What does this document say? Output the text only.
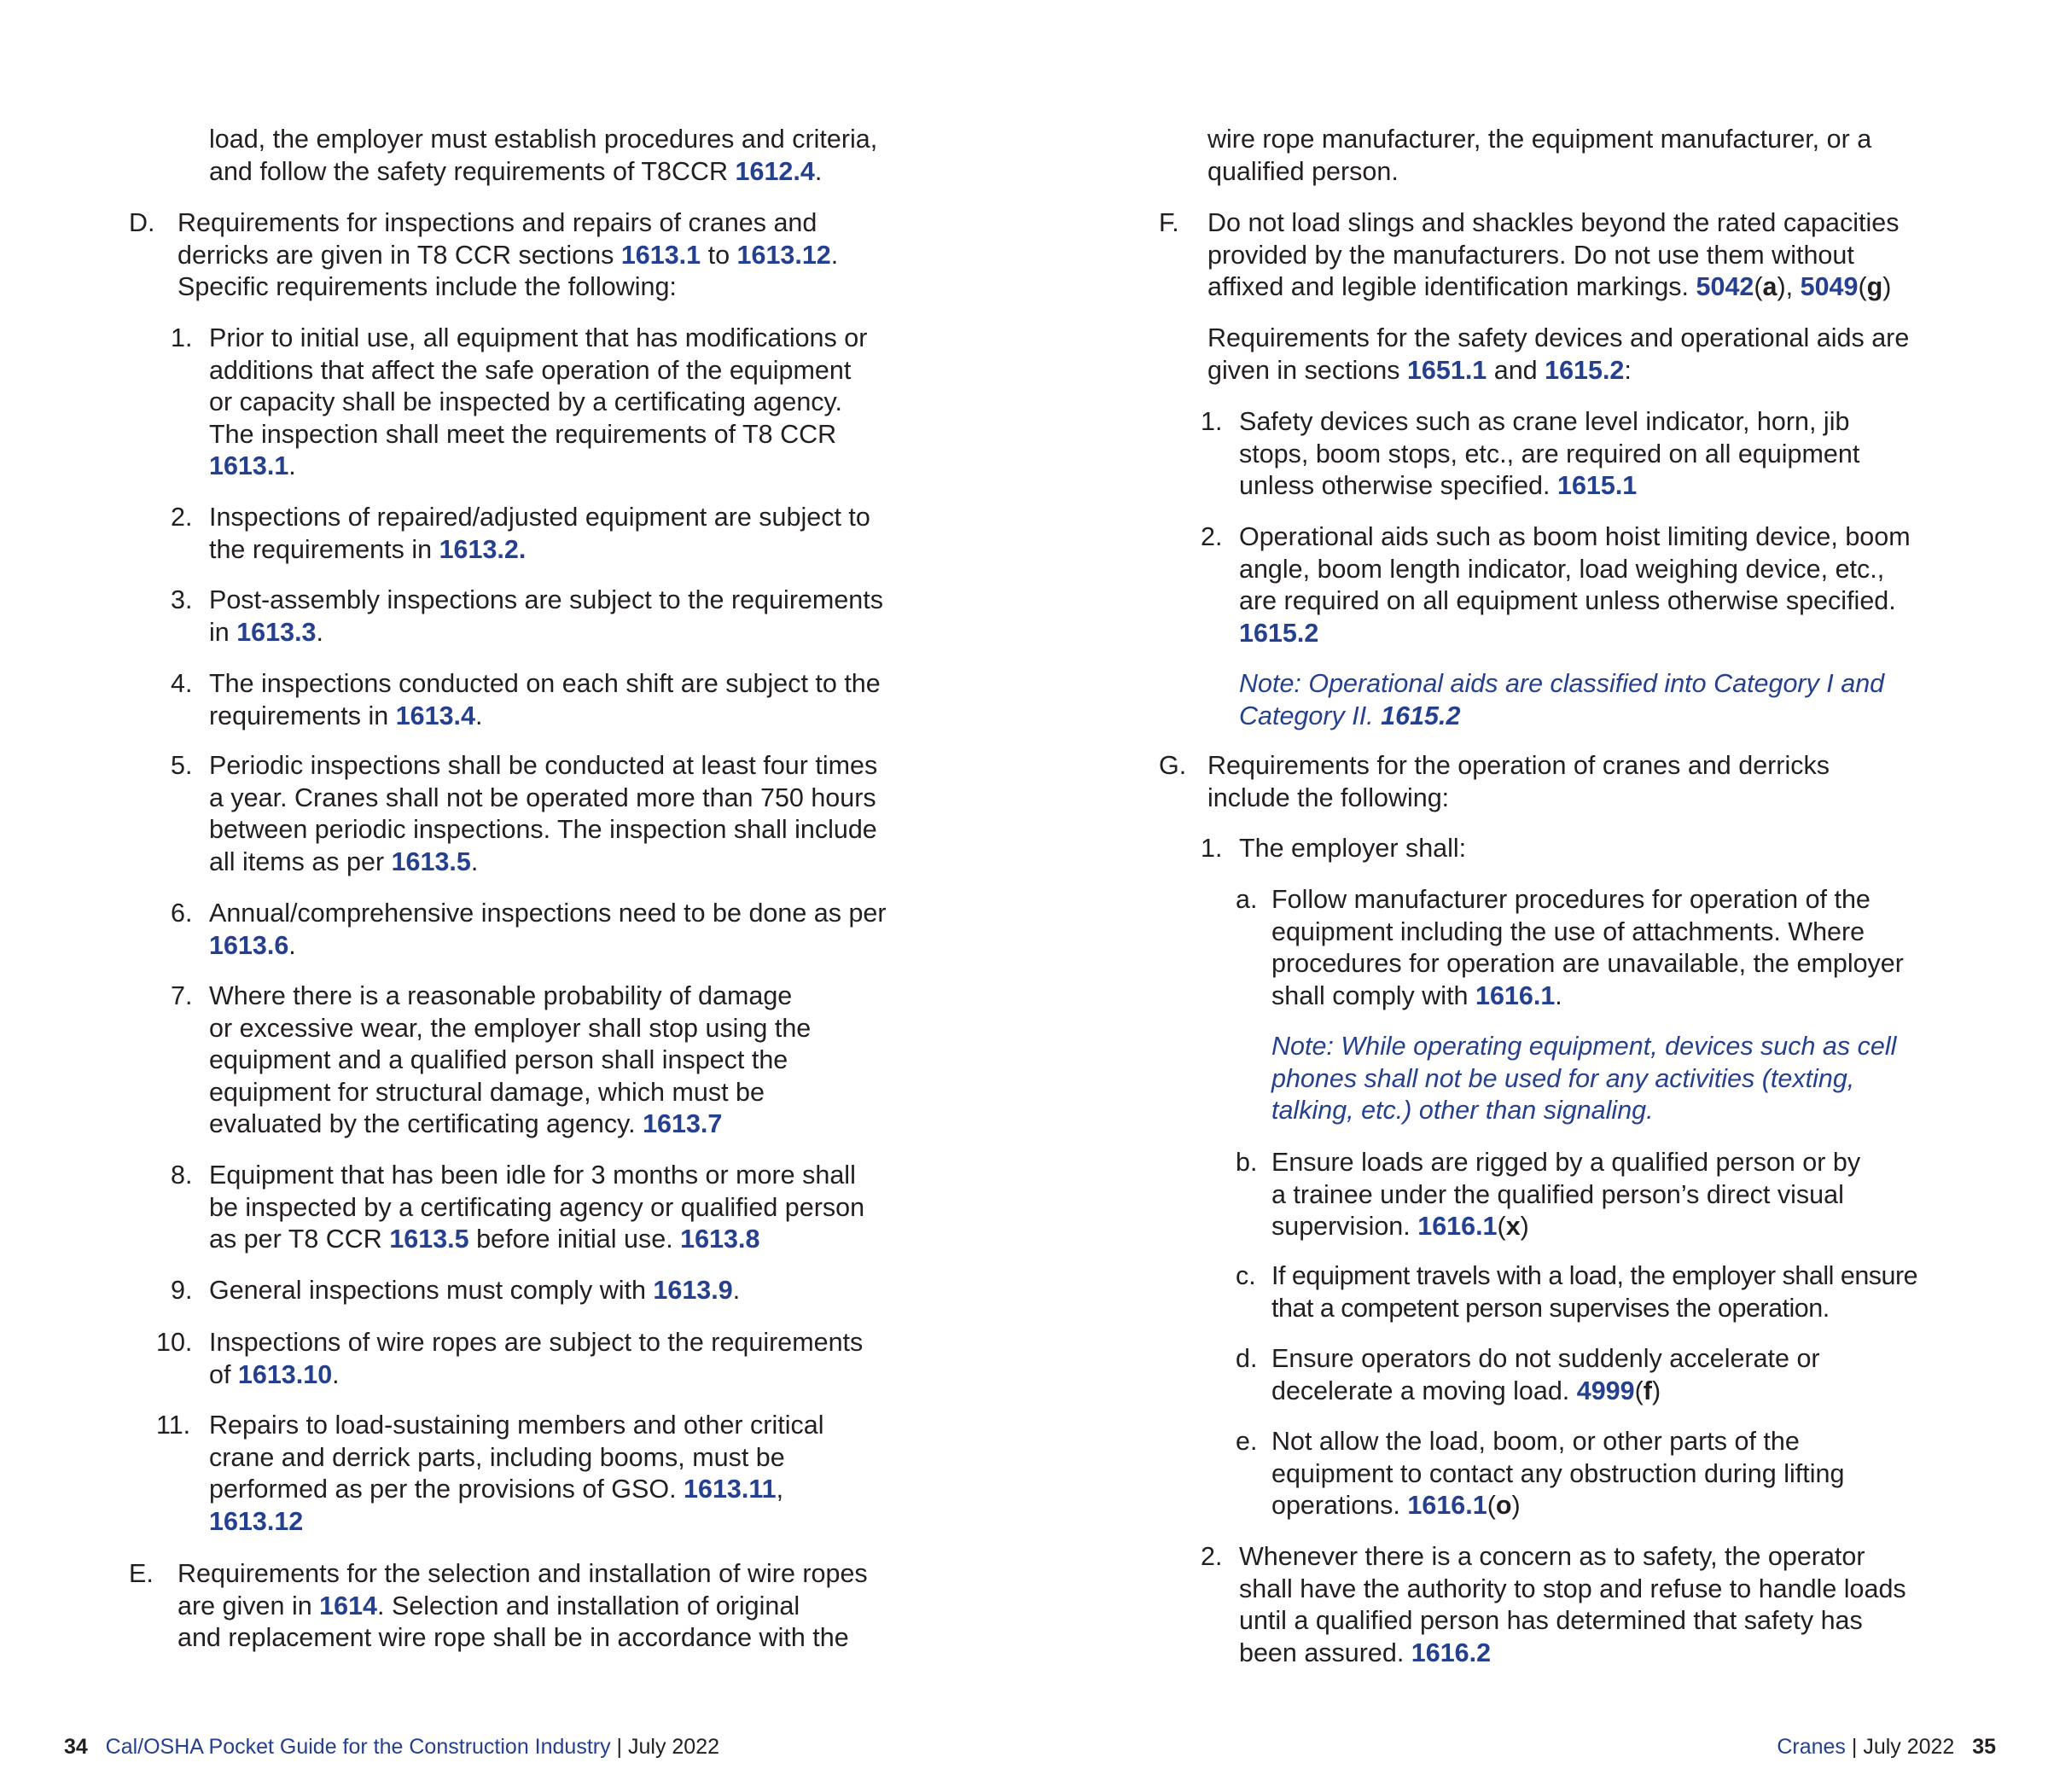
load, the employer must establish procedures and criteria,
and follow the safety requirements of T8CCR 1612.4.
D. Requirements for inspections and repairs of cranes and
derricks are given in T8 CCR sections 1613.1 to 1613.12.
Specific requirements include the following:
1. Prior to initial use, all equipment that has modifications or
additions that affect the safe operation of the equipment
or capacity shall be inspected by a certificating agency.
The inspection shall meet the requirements of T8 CCR
1613.1.
2. Inspections of repaired/adjusted equipment are subject to
the requirements in 1613.2.
3. Post-assembly inspections are subject to the requirements
in 1613.3.
4. The inspections conducted on each shift are subject to the
requirements in 1613.4.
5. Periodic inspections shall be conducted at least four times
a year. Cranes shall not be operated more than 750 hours
between periodic inspections. The inspection shall include
all items as per 1613.5.
6. Annual/comprehensive inspections need to be done as per
1613.6.
7. Where there is a reasonable probability of damage
or excessive wear, the employer shall stop using the
equipment and a qualified person shall inspect the
equipment for structural damage, which must be
evaluated by the certificating agency. 1613.7
8. Equipment that has been idle for 3 months or more shall
be inspected by a certificating agency or qualified person
as per T8 CCR 1613.5 before initial use. 1613.8
9. General inspections must comply with 1613.9.
10. Inspections of wire ropes are subject to the requirements
of 1613.10.
11. Repairs to load-sustaining members and other critical
crane and derrick parts, including booms, must be
performed as per the provisions of GSO. 1613.11,
1613.12
E. Requirements for the selection and installation of wire ropes
are given in 1614. Selection and installation of original
and replacement wire rope shall be in accordance with the
34 Cal/OSHA Pocket Guide for the Construction Industry | July 2022
wire rope manufacturer, the equipment manufacturer, or a
qualified person.
F. Do not load slings and shackles beyond the rated capacities
provided by the manufacturers. Do not use them without
affixed and legible identification markings. 5042(a), 5049(g)
Requirements for the safety devices and operational aids are
given in sections 1651.1 and 1615.2:
1. Safety devices such as crane level indicator, horn, jib
stops, boom stops, etc., are required on all equipment
unless otherwise specified. 1615.1
2. Operational aids such as boom hoist limiting device, boom
angle, boom length indicator, load weighing device, etc.,
are required on all equipment unless otherwise specified.
1615.2
Note: Operational aids are classified into Category I and
Category II. 1615.2
G. Requirements for the operation of cranes and derricks
include the following:
1. The employer shall:
a. Follow manufacturer procedures for operation of the
equipment including the use of attachments. Where
procedures for operation are unavailable, the employer
shall comply with 1616.1.
Note: While operating equipment, devices such as cell
phones shall not be used for any activities (texting,
talking, etc.) other than signaling.
b. Ensure loads are rigged by a qualified person or by
a trainee under the qualified person’s direct visual
supervision. 1616.1(x)
c. If equipment travels with a load, the employer shall ensure
that a competent person supervises the operation.
d. Ensure operators do not suddenly accelerate or
decelerate a moving load. 4999(f)
e. Not allow the load, boom, or other parts of the
equipment to contact any obstruction during lifting
operations. 1616.1(o)
2. Whenever there is a concern as to safety, the operator
shall have the authority to stop and refuse to handle loads
until a qualified person has determined that safety has
been assured. 1616.2
Cranes | July 2022 35
